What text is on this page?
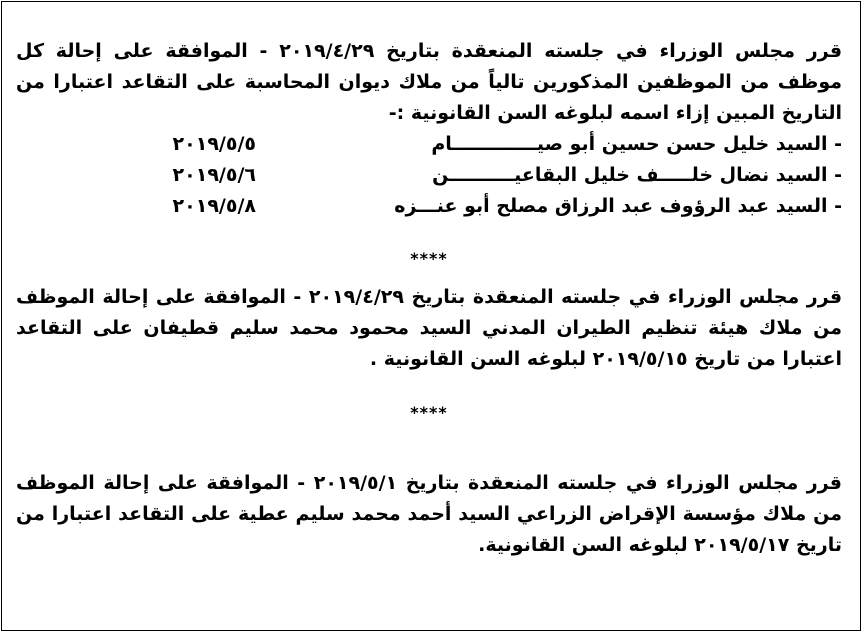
قرر مجلس الوزراء في جلسته المنعقدة بتاريخ ٢٠١٩/٤/٢٩ - الموافقة على إحالة كل موظف من الموظفين المذكورين تالياً من ملاك ديوان المحاسبة على التقاعد اعتبارا من التاريخ المبين إزاء اسمه لبلوغه السن القانونية :-

- السيد خليل حسن حسين أبو صيـــــــــــــام
٢٠١٩/٥/٥
- السيد نضال خلـــــف خليل البقاعيــــــــــن
٢٠١٩/٥/٦
- السيد عبد الرؤوف عبد الرزاق مصلح أبو عنـــزه
٢٠١٩/٥/٨
****

قرر مجلس الوزراء في جلسته المنعقدة بتاريخ ٢٠١٩/٤/٢٩ - الموافقة على إحالة الموظف من ملاك هيئة تنظيم الطيران المدني السيد محمود محمد سليم قطيفان على التقاعد اعتبارا من تاريخ ٢٠١٩/٥/١٥ لبلوغه السن القانونية .

****

قرر مجلس الوزراء في جلسته المنعقدة بتاريخ ٢٠١٩/٥/١ - الموافقة على إحالة الموظف من ملاك مؤسسة الإقراض الزراعي السيد أحمد محمد سليم عطية على التقاعد اعتبارا من تاريخ ٢٠١٩/٥/١٧ لبلوغه السن القانونية.
